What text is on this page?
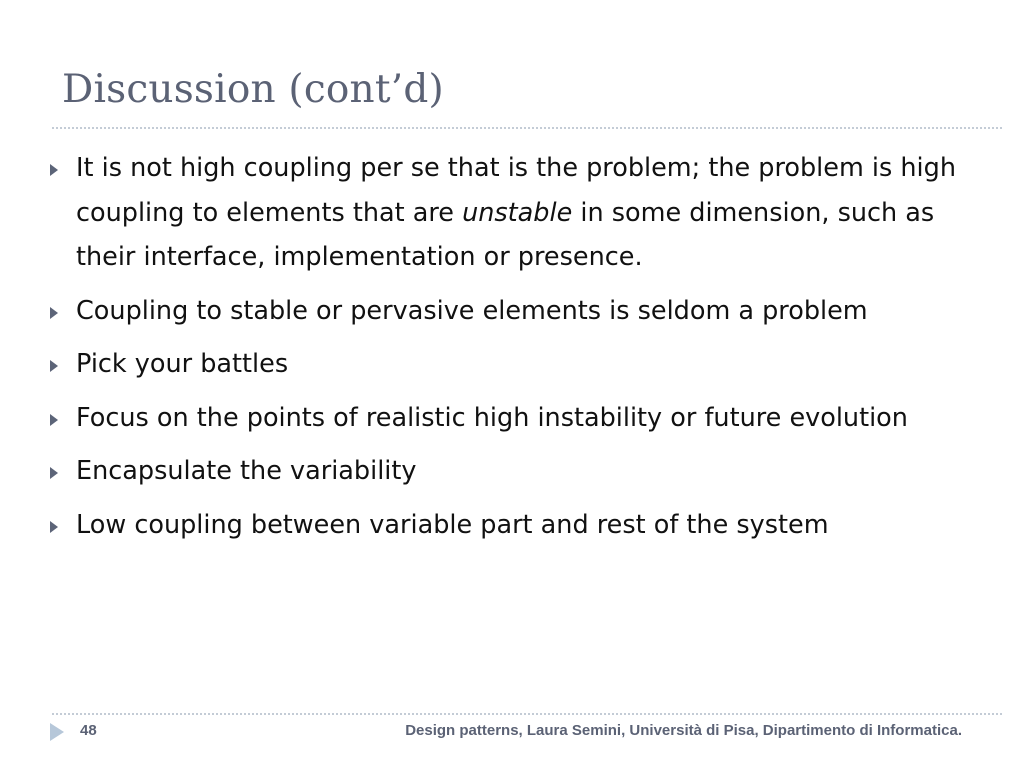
Discussion (cont’d)
It is not high coupling per se that is the problem; the problem is high coupling to elements that are unstable in some dimension, such as their interface, implementation or presence.
Coupling to stable or pervasive elements is seldom a problem
Pick your battles
Focus on the points of realistic high instability or future evolution
Encapsulate the variability
Low coupling between variable part and rest of the system
48	Design patterns, Laura Semini, Università di Pisa, Dipartimento di Informatica.
